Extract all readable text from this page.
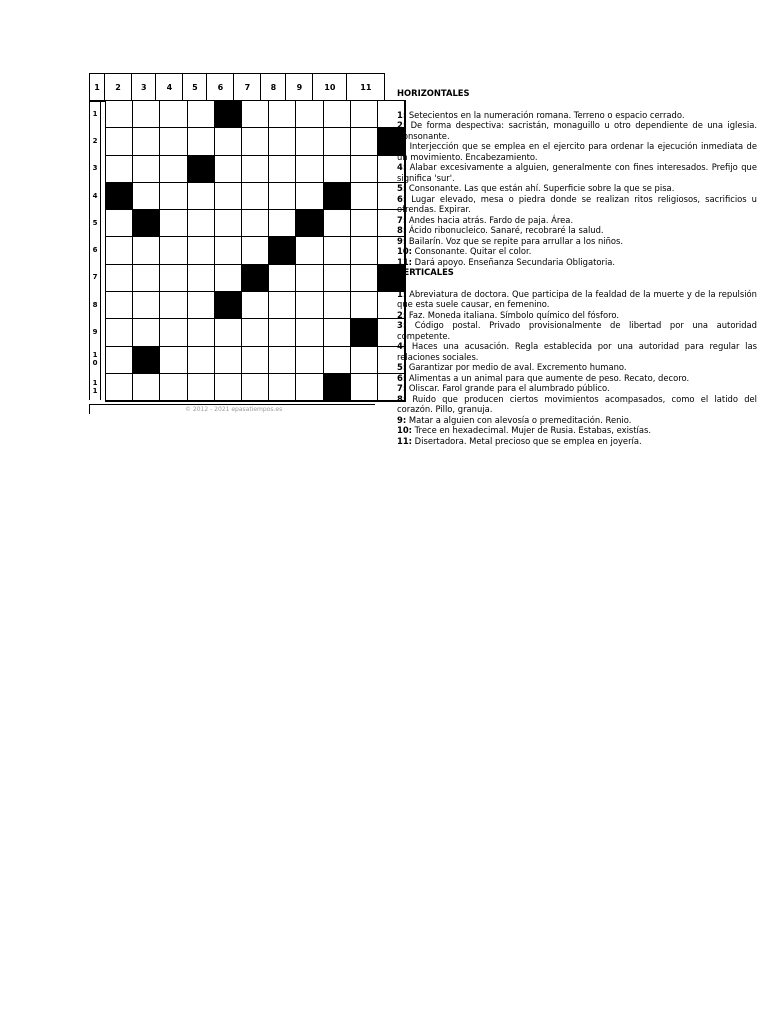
1	2	3	4	5	6	7	8	9	10	11
1
2
3
4
5
6
7
8
9
1
0
1
1
© 2012 - 2021 epasatiempos.es

HORIZONTALES

1: Setecientos en la numeración romana. Terreno o espacio cerrado.

2: De forma despectiva: sacristán, monaguillo u otro dependiente de una iglesia. Consonante.

3: Interjección que se emplea en el ejercito para ordenar la ejecución inmediata de un movimiento. Encabezamiento.

4: Alabar excesivamente a alguien, generalmente con fines interesados. Prefijo que significa 'sur'.

5: Consonante. Las que están ahí. Superficie sobre la que se pisa.

6: Lugar elevado, mesa o piedra donde se realizan ritos religiosos, sacrificios u ofrendas. Expirar.

7: Andes hacia atrás. Fardo de paja. Área.

8: Ácido ribonucleico. Sanaré, recobraré la salud.

9: Bailarín. Voz que se repite para arrullar a los niños.

10: Consonante. Quitar el color.

11: Dará apoyo. Enseñanza Secundaria Obligatoria.

VERTICALES

1: Abreviatura de doctora. Que participa de la fealdad de la muerte y de la repulsión que esta suele causar, en femenino.

2: Faz. Moneda italiana. Símbolo químico del fósforo.

3: Código postal. Privado provisionalmente de libertad por una autoridad competente.

4: Haces una acusación. Regla establecida por una autoridad para regular las relaciones sociales.

5: Garantizar por medio de aval. Excremento humano.

6: Alimentas a un animal para que aumente de peso. Recato, decoro.

7: Oliscar. Farol grande para el alumbrado público.

8: Ruido que producen ciertos movimientos acompasados, como el latido del corazón. Pillo, granuja.

9: Matar a alguien con alevosía o premeditación. Renio.

10: Trece en hexadecimal. Mujer de Rusia. Estabas, existías.

11: Disertadora. Metal precioso que se emplea en joyería.
